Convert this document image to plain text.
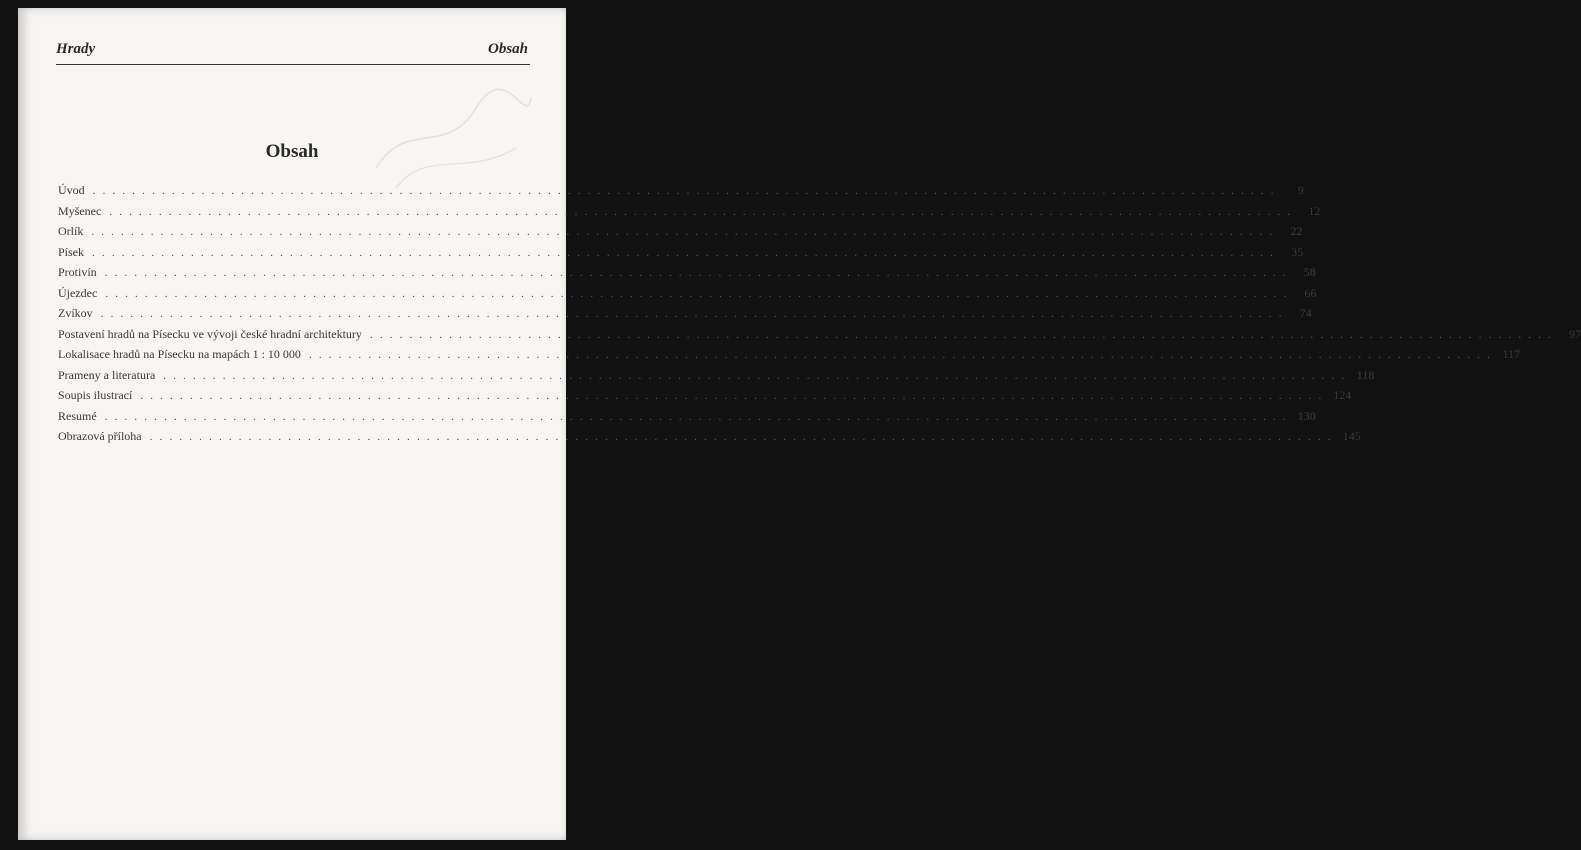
Hrady	Obsah
Obsah
Úvod . . . . . . . . . . . . . . . . . . . . . . . . . . . . . . . . . . . . . . . . . . . . . . . . . . . . . . . . . . . . . . . . . . . . . . . . . . . . . . . . . . . . . . . . . . . . . . . . . . . . . . . . . . . . . . . . . . . . . . . .	9
Myšenec . . . . . . . . . . . . . . . . . . . . . . . . . . . . . . . . . . . . . . . . . . . . . . . . . . . . . . . . . . . . . . . . . . . . . . . . . . . . . . . . . . . . . . . . . . . . . . . . . . . . . . . . . . . . . . . . . . . . . . . .	12
Orlík . . . . . . . . . . . . . . . . . . . . . . . . . . . . . . . . . . . . . . . . . . . . . . . . . . . . . . . . . . . . . . . . . . . . . . . . . . . . . . . . . . . . . . . . . . . . . . . . . . . . . . . . . . . . . . . . . . . . . . . .	22
Písek . . . . . . . . . . . . . . . . . . . . . . . . . . . . . . . . . . . . . . . . . . . . . . . . . . . . . . . . . . . . . . . . . . . . . . . . . . . . . . . . . . . . . . . . . . . . . . . . . . . . . . . . . . . . . . . . . . . . . . . .	35
Protivín . . . . . . . . . . . . . . . . . . . . . . . . . . . . . . . . . . . . . . . . . . . . . . . . . . . . . . . . . . . . . . . . . . . . . . . . . . . . . . . . . . . . . . . . . . . . . . . . . . . . . . . . . . . . . . . . . . . . . . . .	58
Újezdec . . . . . . . . . . . . . . . . . . . . . . . . . . . . . . . . . . . . . . . . . . . . . . . . . . . . . . . . . . . . . . . . . . . . . . . . . . . . . . . . . . . . . . . . . . . . . . . . . . . . . . . . . . . . . . . . . . . . . . . .	66
Zvíkov . . . . . . . . . . . . . . . . . . . . . . . . . . . . . . . . . . . . . . . . . . . . . . . . . . . . . . . . . . . . . . . . . . . . . . . . . . . . . . . . . . . . . . . . . . . . . . . . . . . . . . . . . . . . . . . . . . . . . . . .	74
Postavení hradů na Písecku ve vývoji české hradní architektury . . . . . . . . . . . . . . . . . . . . . . . . . . . . . . . . . . . . . . . . . . . . . . . . . . . . . . . . . . . . . . . . . . . . . . . . . . . . . . . . . . . . . . . . . . . . . . . . . . . . . . . . . . . . . . . . . . . . . . . .	97
Lokalisace hradů na Písecku na mapách 1 : 10 000 . . . . . . . . . . . . . . . . . . . . . . . . . . . . . . . . . . . . . . . . . . . . . . . . . . . . . . . . . . . . . . . . . . . . . . . . . . . . . . . . . . . . . . . . . . . . . . . . . . . . . . . . . . . . . . . . . . . . . . . . 117
Prameny a literatura . . . . . . . . . . . . . . . . . . . . . . . . . . . . . . . . . . . . . . . . . . . . . . . . . . . . . . . . . . . . . . . . . . . . . . . . . . . . . . . . . . . . . . . . . . . . . . . . . . . . . . . . . . . . . . . . . . . . . . . . 118
Soupis ilustrací . . . . . . . . . . . . . . . . . . . . . . . . . . . . . . . . . . . . . . . . . . . . . . . . . . . . . . . . . . . . . . . . . . . . . . . . . . . . . . . . . . . . . . . . . . . . . . . . . . . . . . . . . . . . . . . . . . . . . . . . 124
Resumé . . . . . . . . . . . . . . . . . . . . . . . . . . . . . . . . . . . . . . . . . . . . . . . . . . . . . . . . . . . . . . . . . . . . . . . . . . . . . . . . . . . . . . . . . . . . . . . . . . . . . . . . . . . . . . . . . . . . . . . . 130
Obrazová příloha . . . . . . . . . . . . . . . . . . . . . . . . . . . . . . . . . . . . . . . . . . . . . . . . . . . . . . . . . . . . . . . . . . . . . . . . . . . . . . . . . . . . . . . . . . . . . . . . . . . . . . . . . . . . . . . . . . . . . . . . 145
